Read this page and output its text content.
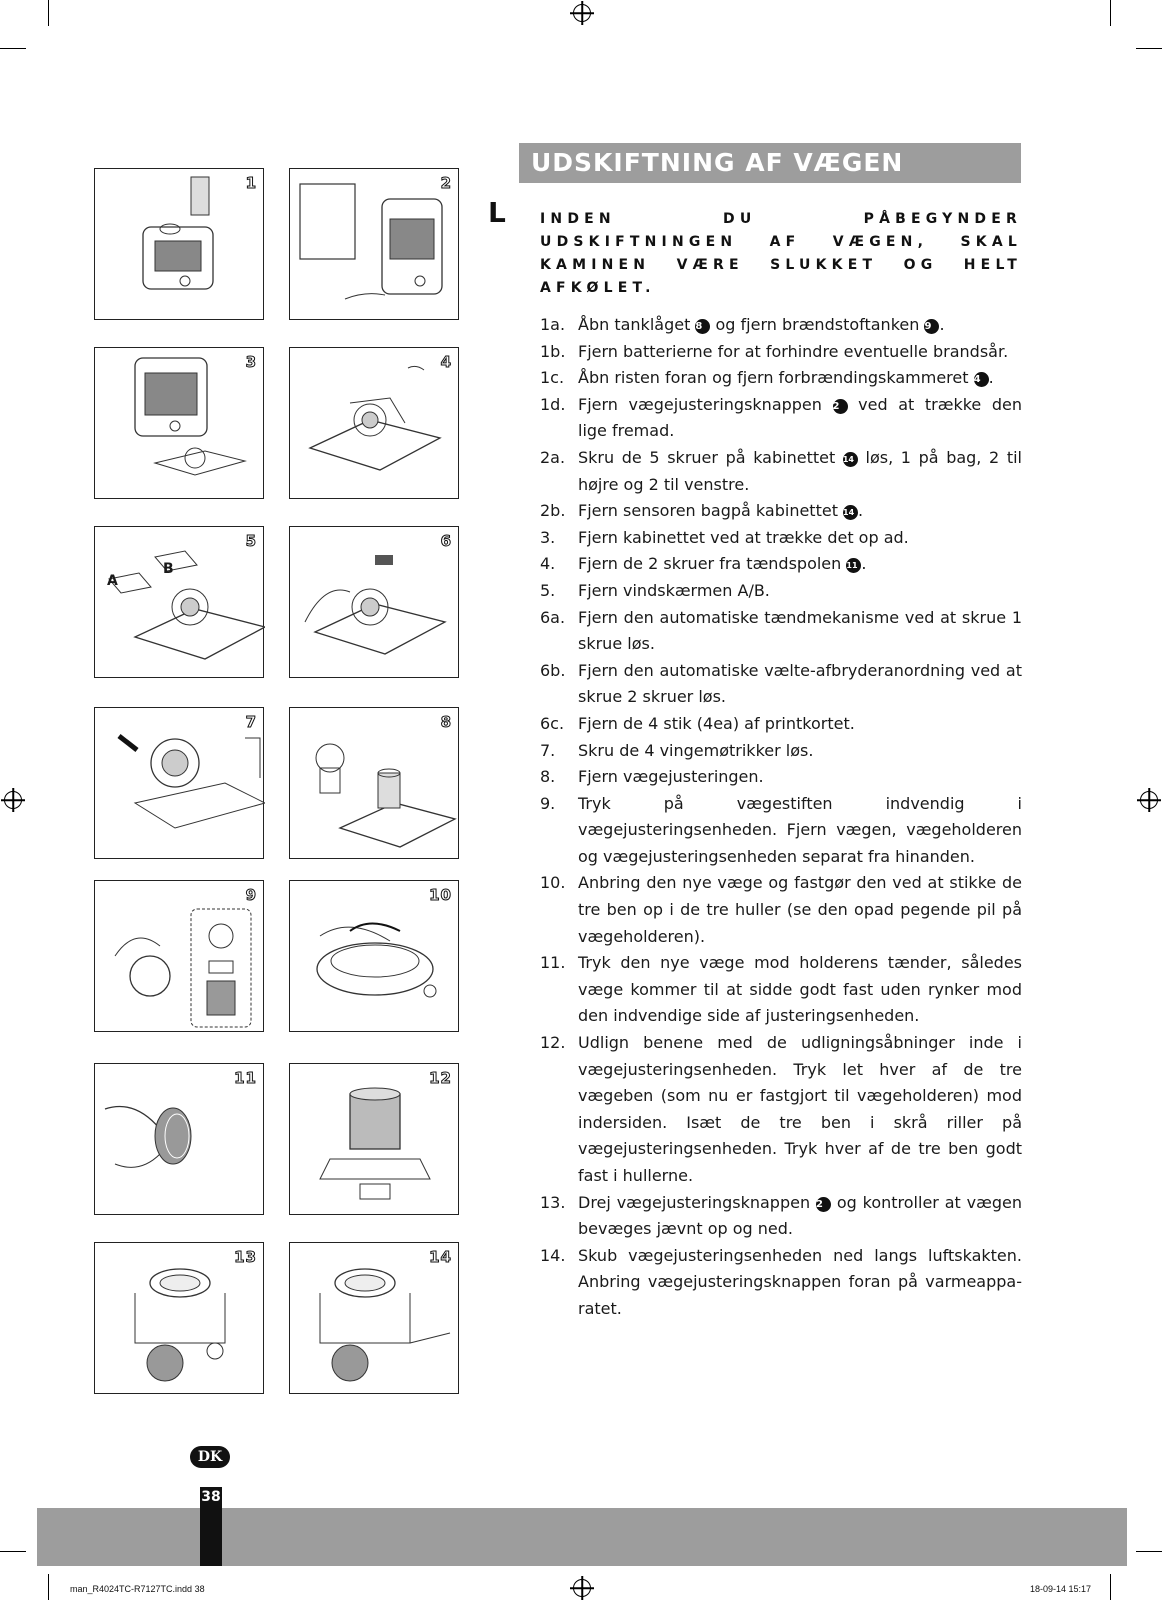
1	2
3	4
A
B
5	6
7	8
9	10
11	12
13	14
UDSKIFTNING AF VÆGEN
L INDEN DU PÅBEGYNDER UDSKIFTNINGEN AF VÆGEN, SKAL KAMINEN VÆRE SLUKKET OG HELT AFKØLET.
1a. Åbn tanklåget 8 og fjern brændstoftanken 9 .
1b. Fjern batterierne for at forhindre eventuelle brandsår.
1c. Åbn risten foran og fjern forbrændingskammeret 4 .
1d. Fjern vægejusteringsknappen 2 ved at trække den lige fremad.
2a. Skru de 5 skruer på kabinettet 14 løs, 1 på bag, 2 til højre og 2 til venstre.
2b. Fjern sensoren bagpå kabinettet 14 .
3.	Fjern kabinettet ved at trække det op ad.
4.	Fjern de 2 skruer fra tændspolen 11 .
5.	Fjern vindskærmen A/B.
6a. Fjern den automatiske tændmekanisme ved at skrue 1 skrue løs.
6b. Fjern den automatiske vælte-afbryderanordning ved at skrue 2 skruer løs.
6c. Fjern de 4 stik (4ea) af printkortet.
7.	Skru de 4 vingemøtrikker løs.
8.	Fjern vægejusteringen.
9.	Tryk på vægestiften indvendig i vægejusteringsenheden. Fjern vægen, vægeholderen og vægejusteringsenheden separat fra hinanden.
10. Anbring den nye væge og fastgør den ved at stikke de tre ben op i de tre huller (se den opad pegende pil på vægeholderen).
11. Tryk den nye væge mod holderens tænder, således væge kommer til at sidde godt fast uden rynker mod den indvendige side af justeringsenheden.
12. Udlign benene med de udligningsåbninger inde i vægejusteringsenheden. Tryk let hver af de tre vægeben (som nu er fastgjort til vægeholderen) mod indersiden. Isæt de tre ben i skrå riller på vægejusteringsenheden. Tryk hver af de tre ben godt fast i hullerne.
13. Drej vægejusteringsknappen 2 og kontroller at vægen bevæges jævnt op og ned.
14. Skub vægejusteringsenheden ned langs luftskakten. Anbring vægejusteringsknappen foran på varmeappa-ratet.
DK
38
man_R4024TC-R7127TC.indd 38	18-09-14 15:17
